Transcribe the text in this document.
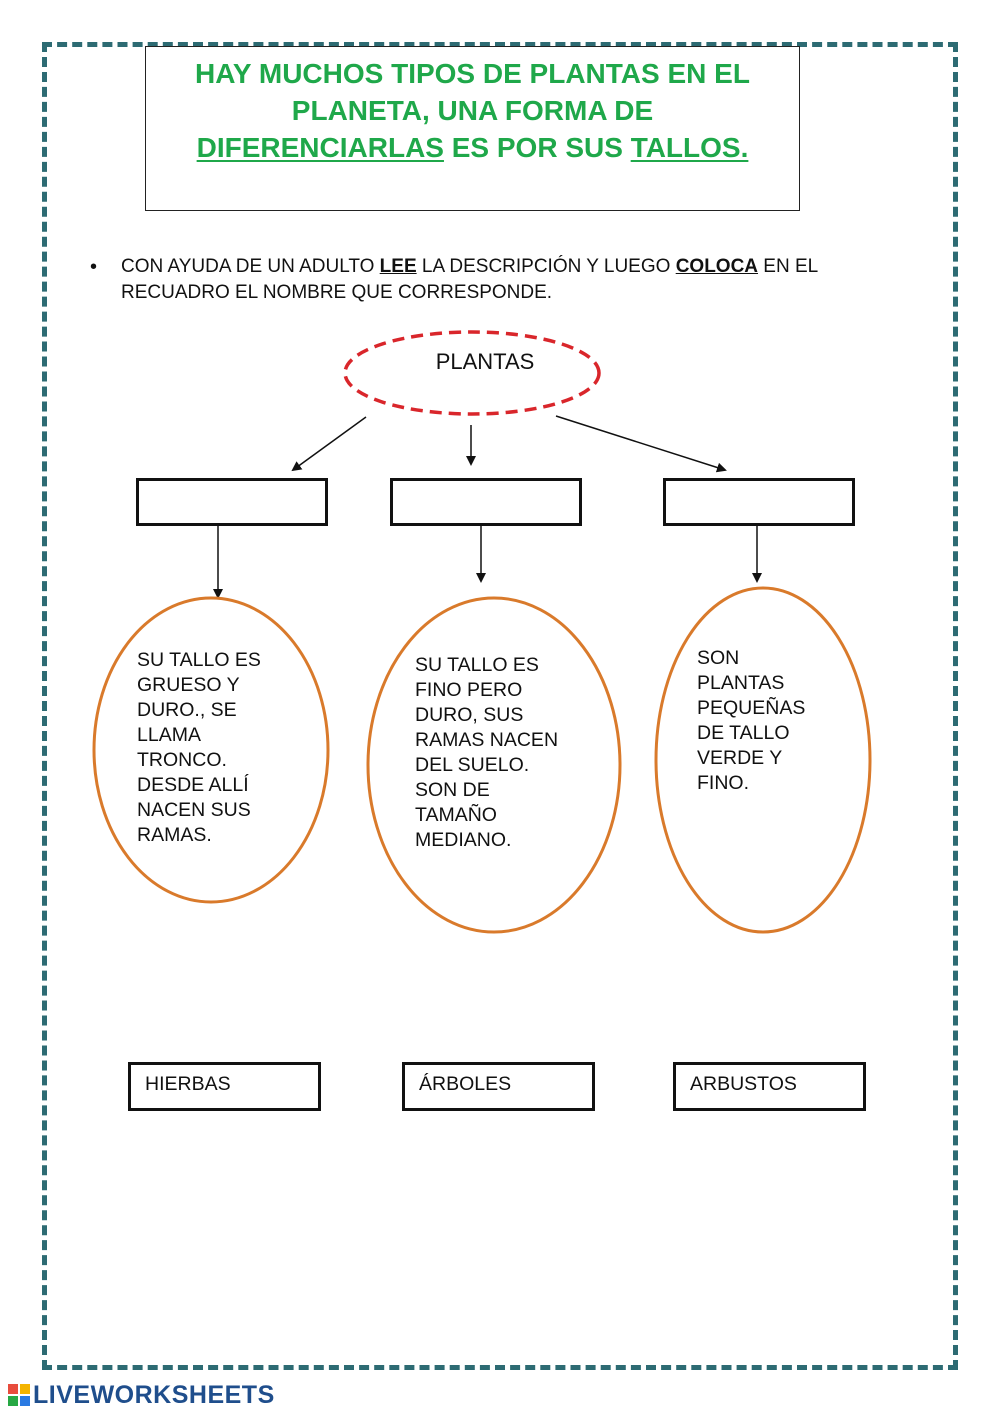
HAY MUCHOS TIPOS DE PLANTAS EN EL

PLANETA, UNA FORMA DE

DIFERENCIARLAS ES POR SUS TALLOS.

• CON AYUDA DE UN ADULTO LEE LA DESCRIPCIÓN Y LUEGO COLOCA EN EL RECUADRO EL NOMBRE QUE CORRESPONDE.
PLANTAS
SU TALLO ES
GRUESO Y
DURO., SE
LLAMA
TRONCO.
DESDE ALLÍ
NACEN SUS
RAMAS.
SU TALLO ES
FINO PERO
DURO, SUS
RAMAS NACEN
DEL SUELO.
SON DE
TAMAÑO
MEDIANO.
SON
PLANTAS
PEQUEÑAS
DE TALLO
VERDE Y
FINO.
HIERBAS	ÁRBOLES	ARBUSTOS
LIVEWORKSHEETS
